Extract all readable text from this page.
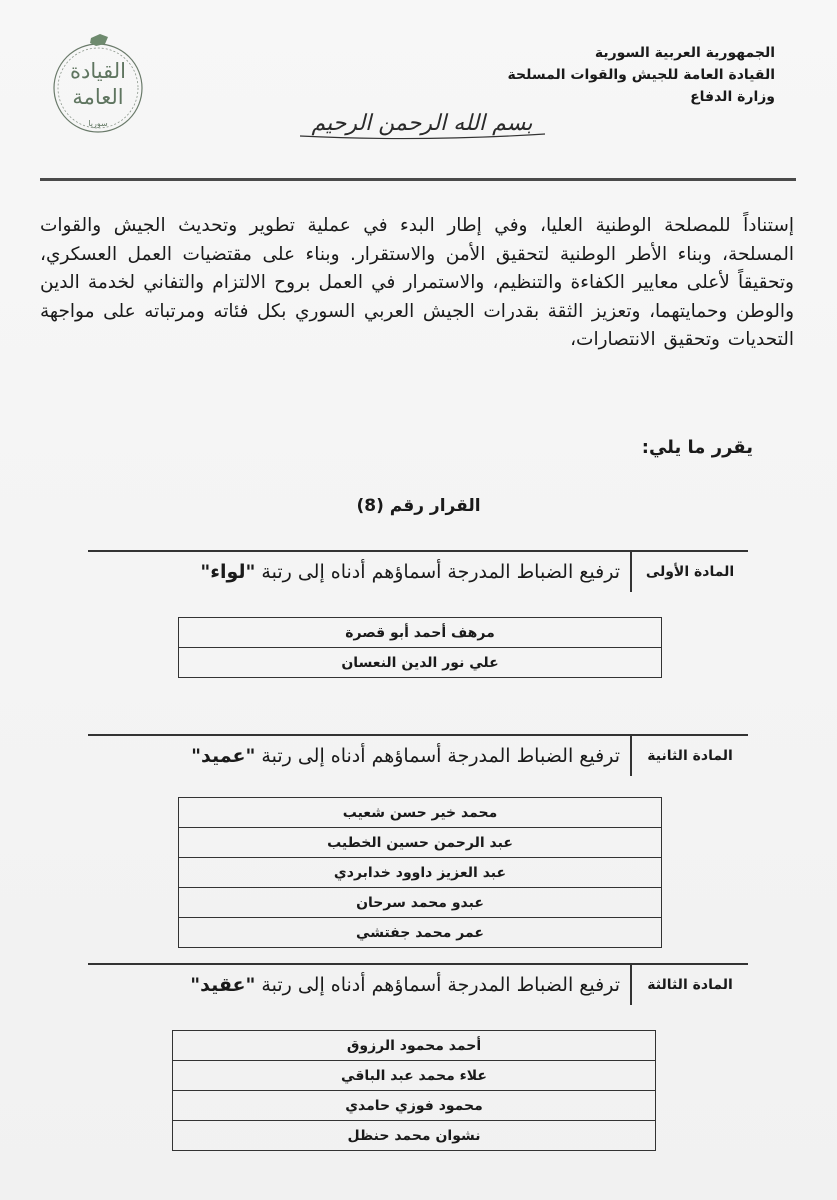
القيادة
العامة
سوريا
الجمهورية العربية السورية
القيادة العامة للجيش والقوات المسلحة
وزارة الدفاع
بسم الله الرحمن الرحيم
إستناداً للمصلحة الوطنية العليا، وفي إطار البدء في عملية تطوير وتحديث الجيش والقوات المسلحة، وبناء الأطر الوطنية لتحقيق الأمن والاستقرار. وبناء على مقتضيات العمل العسكري، وتحقيقاً لأعلى معايير الكفاءة والتنظيم، والاستمرار في العمل بروح الالتزام والتفاني لخدمة الدين والوطن وحمايتهما، وتعزيز الثقة بقدرات الجيش العربي السوري بكل فئاته ومرتباته على مواجهة التحديات وتحقيق الانتصارات،
يقرر ما يلي:
القرار رقم (8)
المادة الأولى
ترفيع الضباط المدرجة أسماؤهم أدناه إلى رتبة
"لواء"
مرهف أحمد أبو قصرة
علي نور الدين النعسان
المادة الثانية
ترفيع الضباط المدرجة أسماؤهم أدناه إلى رتبة
"عميد"
محمد خير حسن شعيب
عبد الرحمن حسين الخطيب
عبد العزيز داوود خدابردي
عبدو محمد سرحان
عمر محمد جفتشي
المادة الثالثة
ترفيع الضباط المدرجة أسماؤهم أدناه إلى رتبة
"عقيد"
أحمد محمود الرزوق
علاء محمد عبد الباقي
محمود فوزي حامدي
نشوان محمد حنظل
